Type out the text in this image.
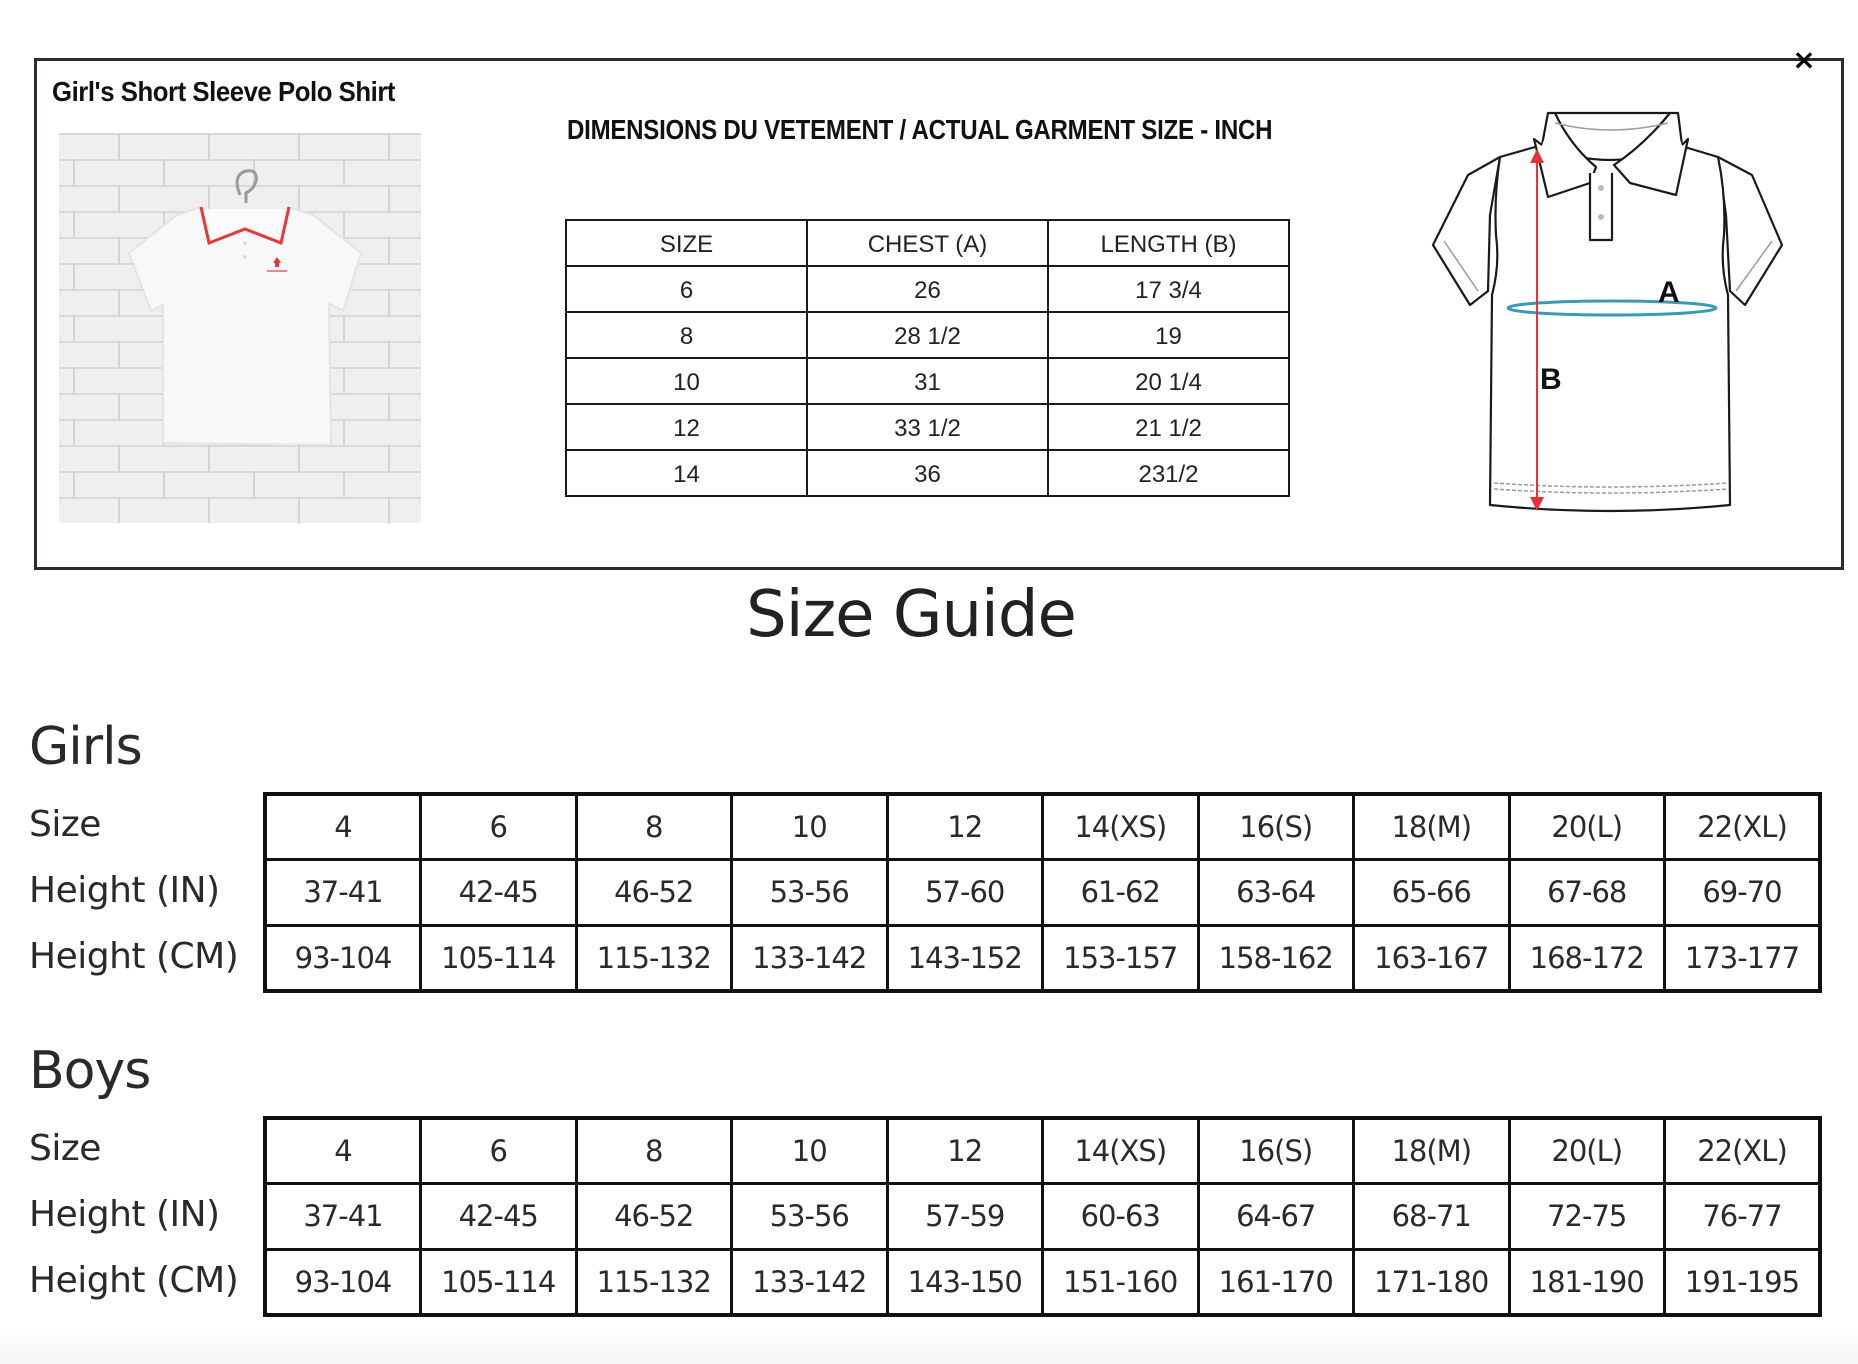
×
Girl's Short Sleeve Polo Shirt
DIMENSIONS DU VETEMENT / ACTUAL GARMENT SIZE - INCH
SIZE	CHEST (A)	LENGTH (B)
6	26	17 3/4
8	28 1/2	19
10	31	20 1/4
12	33 1/2	21 1/2
14	36	231/2
A
B
Size Guide
Girls
Size
Height (IN)
Height (CM)
4	6	8	10	12	14(XS)	16(S)	18(M)	20(L)	22(XL)
37-41	42-45	46-52	53-56	57-60	61-62	63-64	65-66	67-68	69-70
93-104	105-114	115-132	133-142	143-152	153-157	158-162	163-167	168-172	173-177
Boys
Size
Height (IN)
Height (CM)
4	6	8	10	12	14(XS)	16(S)	18(M)	20(L)	22(XL)
37-41	42-45	46-52	53-56	57-59	60-63	64-67	68-71	72-75	76-77
93-104	105-114	115-132	133-142	143-150	151-160	161-170	171-180	181-190	191-195
